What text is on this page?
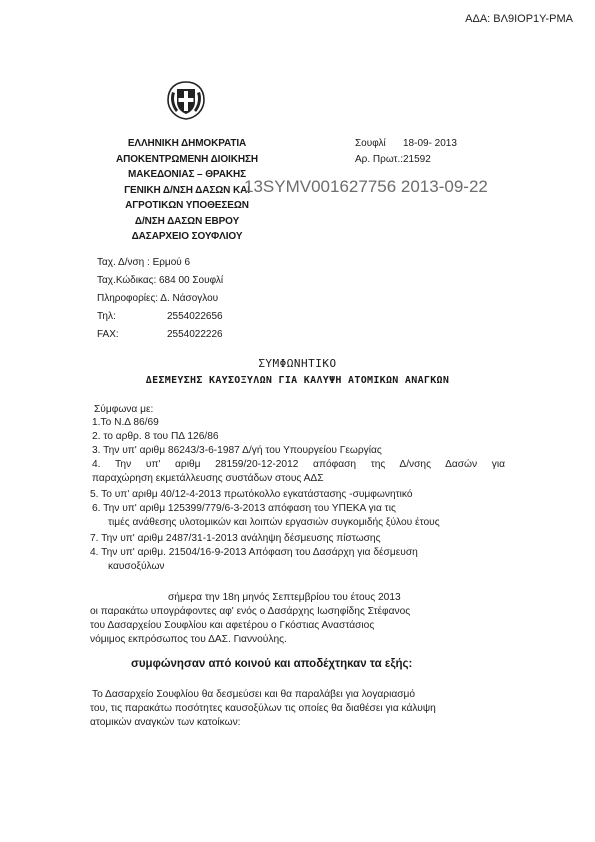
ΑΔΑ: ΒΛ9ΙΟΡ1Υ-ΡΜΑ
ΕΛΛΗΝΙΚΗ ΔΗΜΟΚΡΑΤΙΑ
ΑΠΟΚΕΝΤΡΩΜΕΝΗ ΔΙΟΙΚΗΣΗ
ΜΑΚΕΔΟΝΙΑΣ – ΘΡΑΚΗΣ
ΓΕΝΙΚΗ Δ/ΝΣΗ ΔΑΣΩΝ ΚΑΙ
ΑΓΡΟΤΙΚΩΝ ΥΠΟΘΕΣΕΩΝ
Δ/ΝΣΗ ΔΑΣΩΝ ΕΒΡΟΥ
ΔΑΣΑΡΧΕΙΟ ΣΟΥΦΛΙΟΥ
Σουφλί 18-09- 2013
Αρ. Πρωτ.:21592
13SYMV001627756 2013-09-22
Ταχ. Δ/νση : Ερμού 6
Ταχ.Κώδικας: 684 00 Σουφλί
Πληροφορίες: Δ. Νάσογλου
Τηλ:	2554022656
FAX:	2554022226
ΣΥΜΦΩΝΗΤΙΚΟ
ΔΕΣΜΕΥΣΗΣ ΚΑΥΣΟΞΥΛΩΝ ΓΙΑ ΚΑΛΥΨΗ ΑΤΟΜΙΚΩΝ ΑΝΑΓΚΩΝ
Σύμφωνα με:
1.Το Ν.Δ 86/69
2. το αρθρ. 8 του ΠΔ 126/86
3. Την υπ' αριθμ 86243/3-6-1987 Δ/γή του Υπουργείου Γεωργίας
4. Την υπ' αριθμ 28159/20-12-2012 απόφαση της Δ/νσης Δασών για
παραχώρηση εκμετάλλευσης συστάδων στους ΑΔΣ
5. Το υπ' αριθμ 40/12-4-2013 πρωτόκολλο εγκατάστασης -συμφωνητικό
6. Την υπ' αριθμ 125399/779/6-3-2013 απόφαση του ΥΠΕΚΑ για τις
τιμές ανάθεσης υλοτομικών και λοιπών εργασιών συγκομιδής ξύλου έτους
7. Την υπ' αριθμ 2487/31-1-2013 ανάληψη δέσμευσης πίστωσης
4. Την υπ' αριθμ. 21504/16-9-2013 Απόφαση του Δασάρχη για δέσμευση
καυσοξύλων
σήμερα την 18η μηνός Σεπτεμβρίου του έτους 2013
οι παρακάτω υπογράφοντες αφ' ενός ο Δασάρχης Ιωσηφίδης Στέφανος
του Δασαρχείου Σουφλίου και αφετέρου ο Γκόστιας Αναστάσιος
νόμιμος εκπρόσωπος του ΔΑΣ. Γιαννούλης.
συμφώνησαν από κοινού και αποδέχτηκαν τα εξής:
Το Δασαρχείο Σουφλίου θα δεσμεύσει και θα παραλάβει για λογαριασμό
του, τις παρακάτω ποσότητες καυσοξύλων τις οποίες θα διαθέσει για κάλυψη
ατομικών αναγκών των κατοίκων:
